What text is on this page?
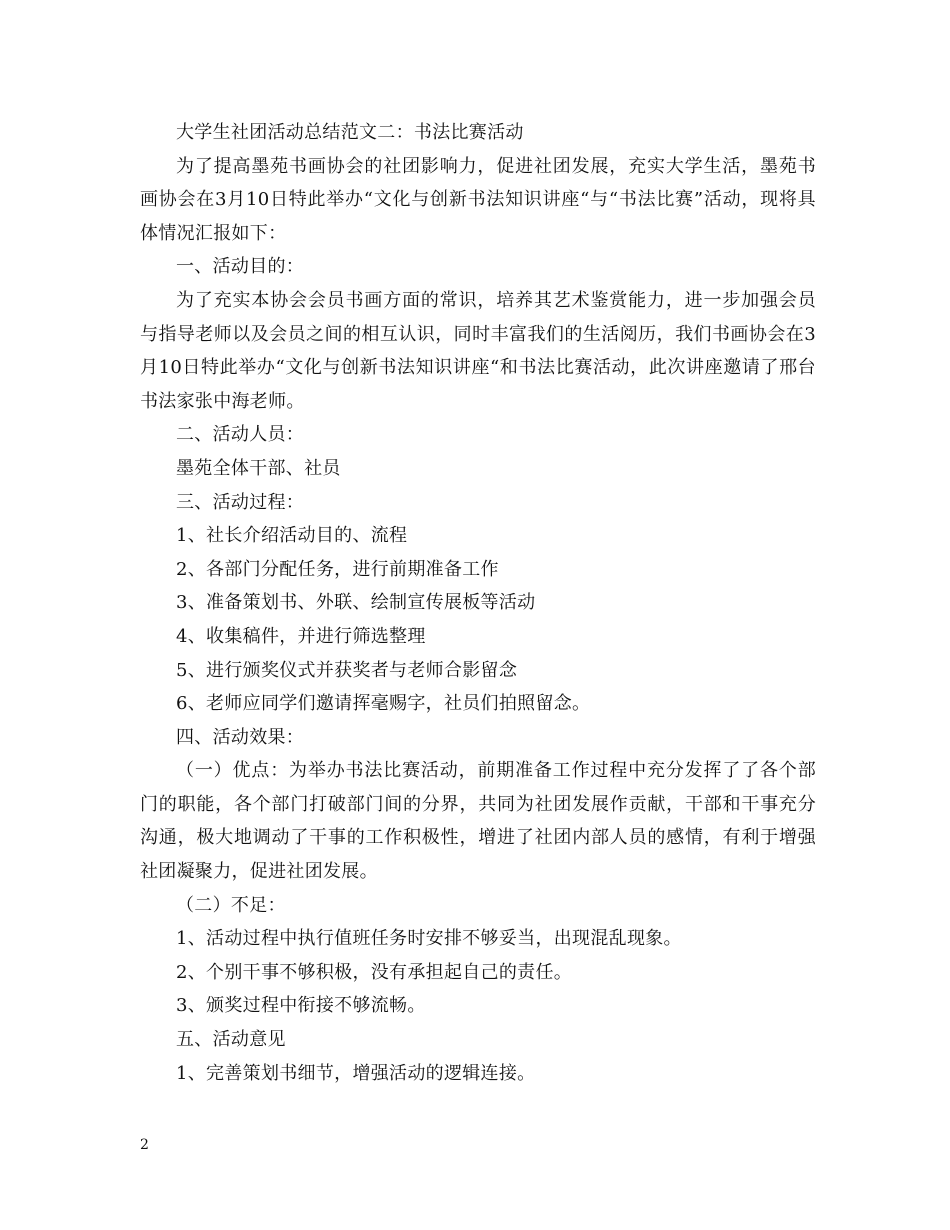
大学生社团活动总结范文二：书法比赛活动

为了提高墨苑书画协会的社团影响力，促进社团发展，充实大学生活，墨苑书画协会在3月10日特此举办“文化与创新书法知识讲座“与“书法比赛”活动，现将具体情况汇报如下：

一、活动目的：

为了充实本协会会员书画方面的常识，培养其艺术鉴赏能力，进一步加强会员与指导老师以及会员之间的相互认识，同时丰富我们的生活阅历，我们书画协会在3月10日特此举办“文化与创新书法知识讲座“和书法比赛活动，此次讲座邀请了邢台书法家张中海老师。

二、活动人员：

墨苑全体干部、社员

三、活动过程：

1、社长介绍活动目的、流程

2、各部门分配任务，进行前期准备工作

3、准备策划书、外联、绘制宣传展板等活动

4、收集稿件，并进行筛选整理

5、进行颁奖仪式并获奖者与老师合影留念

6、老师应同学们邀请挥毫赐字，社员们拍照留念。

四、活动效果：

（一）优点：为举办书法比赛活动，前期准备工作过程中充分发挥了了各个部门的职能，各个部门打破部门间的分界，共同为社团发展作贡献，干部和干事充分沟通，极大地调动了干事的工作积极性，增进了社团内部人员的感情，有利于增强社团凝聚力，促进社团发展。

（二）不足：

1、活动过程中执行值班任务时安排不够妥当，出现混乱现象。

2、个别干事不够积极，没有承担起自己的责任。

3、颁奖过程中衔接不够流畅。

五、活动意见

1、完善策划书细节，增强活动的逻辑连接。

2
